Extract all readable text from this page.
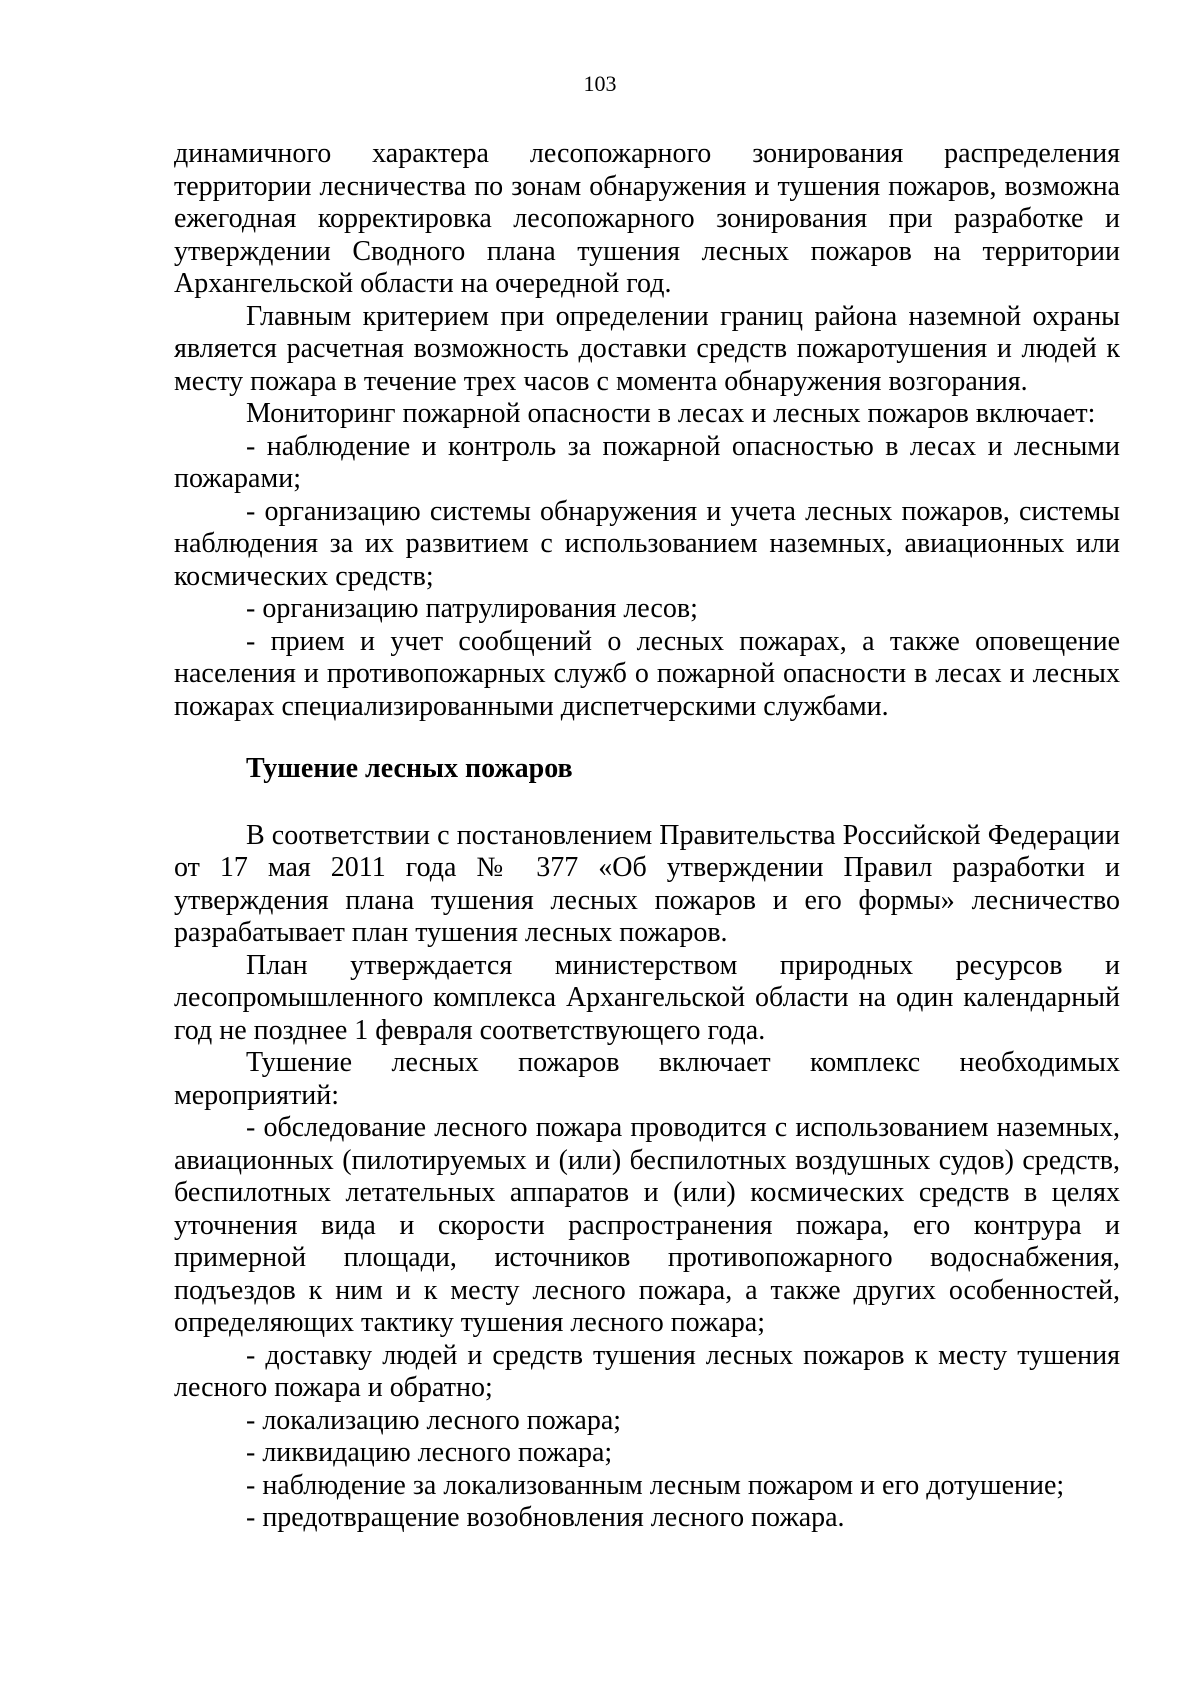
103

динамичного характера лесопожарного зонирования распределения территории лесничества по зонам обнаружения и тушения пожаров, возможна ежегодная корректировка лесопожарного зонирования при разработке и утверждении Сводного плана тушения лесных пожаров на территории Архангельской области на очередной год.

Главным критерием при определении границ района наземной охраны является расчетная возможность доставки средств пожаротушения и людей к месту пожара в течение трех часов с момента обнаружения возгорания.

Мониторинг пожарной опасности в лесах и лесных пожаров включает:

- наблюдение и контроль за пожарной опасностью в лесах и лесными пожарами;

- организацию системы обнаружения и учета лесных пожаров, системы наблюдения за их развитием с использованием наземных, авиационных или космических средств;

- организацию патрулирования лесов;

- прием и учет сообщений о лесных пожарах, а также оповещение населения и противопожарных служб о пожарной опасности в лесах и лесных пожарах специализированными диспетчерскими службами.

Тушение лесных пожаров

В соответствии с постановлением Правительства Российской Федерации от 17 мая 2011 года № 377 «Об утверждении Правил разработки и утверждения плана тушения лесных пожаров и его формы» лесничество разрабатывает план тушения лесных пожаров.

План утверждается министерством природных ресурсов и лесопромышленного комплекса Архангельской области на один календарный год не позднее 1 февраля соответствующего года.

Тушение лесных пожаров включает комплекс необходимых мероприятий:

- обследование лесного пожара проводится с использованием наземных, авиационных (пилотируемых и (или) беспилотных воздушных судов) средств, беспилотных летательных аппаратов и (или) космических средств в целях уточнения вида и скорости распространения пожара, его контрура и примерной площади, источников противопожарного водоснабжения, подъездов к ним и к месту лесного пожара, а также других особенностей, определяющих тактику тушения лесного пожара;

- доставку людей и средств тушения лесных пожаров к месту тушения лесного пожара и обратно;

- локализацию лесного пожара;

- ликвидацию лесного пожара;

- наблюдение за локализованным лесным пожаром и его дотушение;

- предотвращение возобновления лесного пожара.
